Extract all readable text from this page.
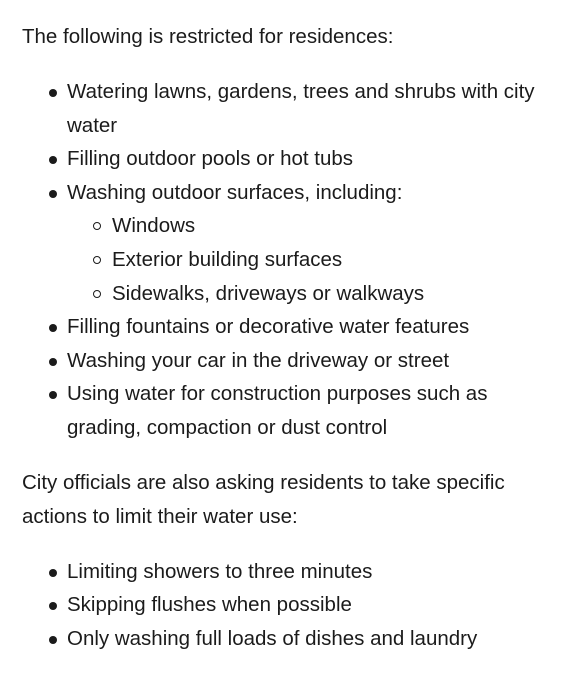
The following is restricted for residences:

Watering lawns, gardens, trees and shrubs with city water
Filling outdoor pools or hot tubs
Washing outdoor surfaces, including:
Windows
Exterior building surfaces
Sidewalks, driveways or walkways
Filling fountains or decorative water features
Washing your car in the driveway or street
Using water for construction purposes such as grading, compaction or dust control

City officials are also asking residents to take specific actions to limit their water use:

Limiting showers to three minutes
Skipping flushes when possible
Only washing full loads of dishes and laundry
